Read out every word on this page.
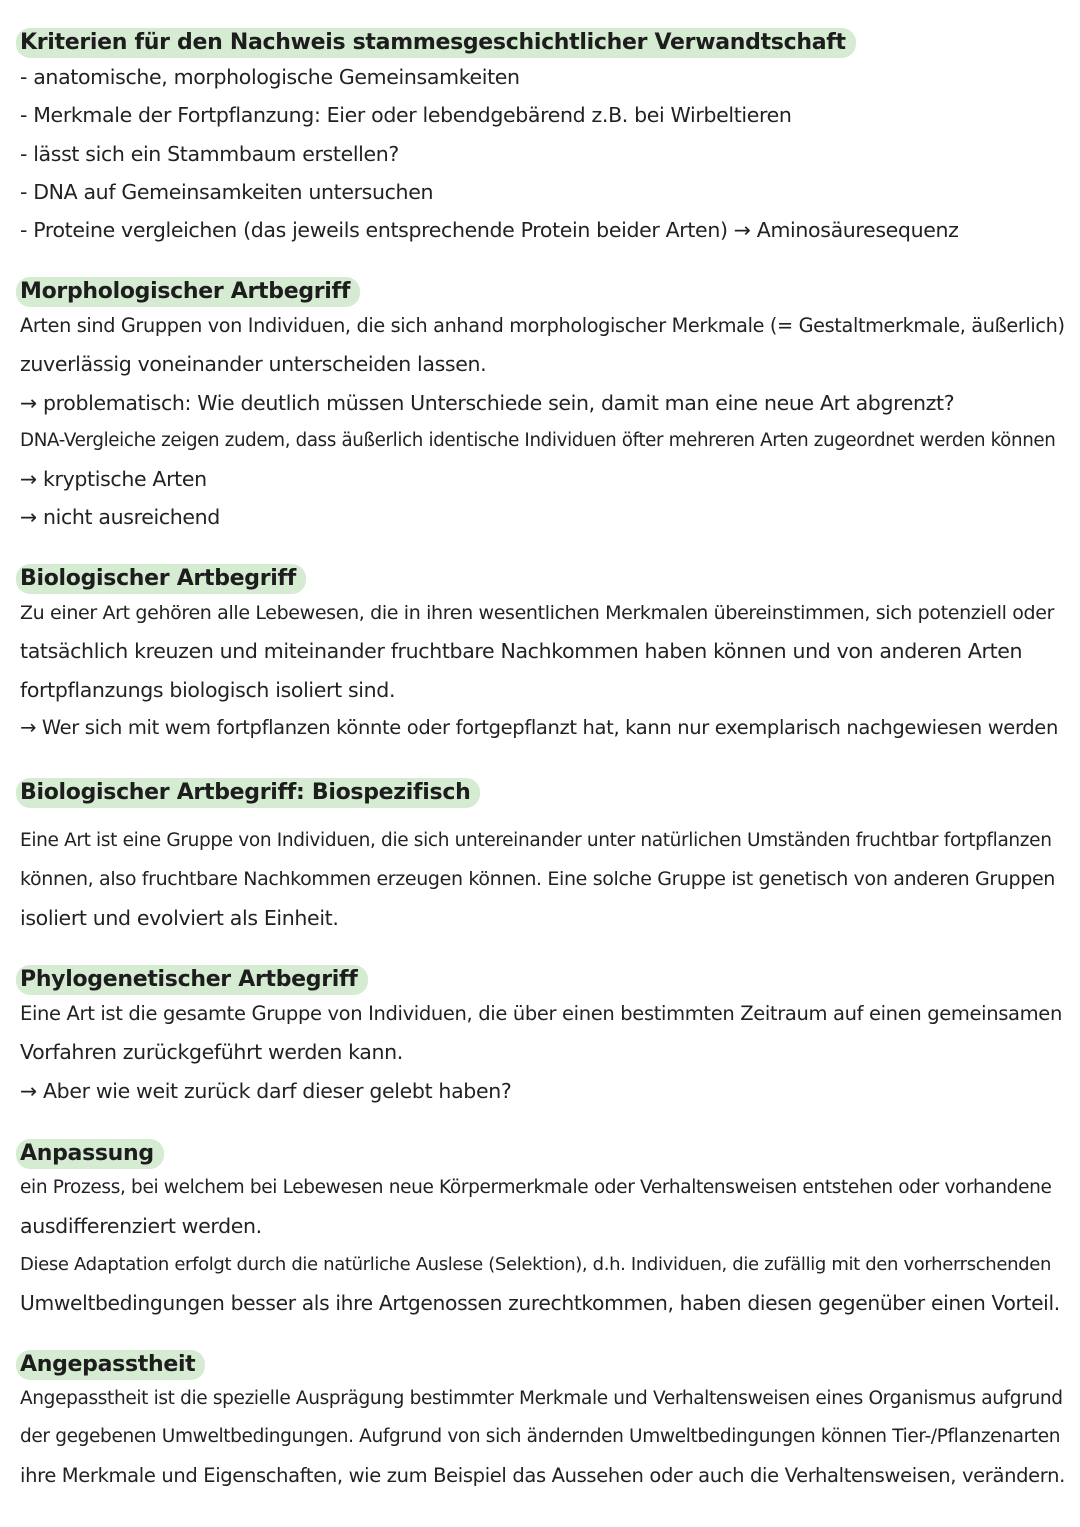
Kriterien für den Nachweis stammesgeschichtlicher Verwandtschaft
- anatomische, morphologische Gemeinsamkeiten
- Merkmale der Fortpflanzung: Eier oder lebendgebärend z.B. bei Wirbeltieren
- lässt sich ein Stammbaum erstellen?
- DNA auf Gemeinsamkeiten untersuchen
- Proteine vergleichen (das jeweils entsprechende Protein beider Arten) → Aminosäuresequenz
Morphologischer Artbegriff
Arten sind Gruppen von Individuen, die sich anhand morphologischer Merkmale (= Gestaltmerkmale, äußerlich)
zuverlässig voneinander unterscheiden lassen.
→ problematisch: Wie deutlich müssen Unterschiede sein, damit man eine neue Art abgrenzt?
DNA-Vergleiche zeigen zudem, dass äußerlich identische Individuen öfter mehreren Arten zugeordnet werden können
→ kryptische Arten
→ nicht ausreichend
Biologischer Artbegriff
Zu einer Art gehören alle Lebewesen, die in ihren wesentlichen Merkmalen übereinstimmen, sich potenziell oder
tatsächlich kreuzen und miteinander fruchtbare Nachkommen haben können und von anderen Arten
fortpflanzungs biologisch isoliert sind.
→ Wer sich mit wem fortpflanzen könnte oder fortgepflanzt hat, kann nur exemplarisch nachgewiesen werden
Biologischer Artbegriff: Biospezifisch
Eine Art ist eine Gruppe von Individuen, die sich untereinander unter natürlichen Umständen fruchtbar fortpflanzen
können, also fruchtbare Nachkommen erzeugen können. Eine solche Gruppe ist genetisch von anderen Gruppen
isoliert und evolviert als Einheit.
Phylogenetischer Artbegriff
Eine Art ist die gesamte Gruppe von Individuen, die über einen bestimmten Zeitraum auf einen gemeinsamen
Vorfahren zurückgeführt werden kann.
→ Aber wie weit zurück darf dieser gelebt haben?
Anpassung
ein Prozess, bei welchem bei Lebewesen neue Körpermerkmale oder Verhaltensweisen entstehen oder vorhandene
ausdifferenziert werden.
Diese Adaptation erfolgt durch die natürliche Auslese (Selektion), d.h. Individuen, die zufällig mit den vorherrschenden
Umweltbedingungen besser als ihre Artgenossen zurechtkommen, haben diesen gegenüber einen Vorteil.
Angepasstheit
Angepasstheit ist die spezielle Ausprägung bestimmter Merkmale und Verhaltensweisen eines Organismus aufgrund
der gegebenen Umweltbedingungen. Aufgrund von sich ändernden Umweltbedingungen können Tier-/Pflanzenarten
ihre Merkmale und Eigenschaften, wie zum Beispiel das Aussehen oder auch die Verhaltensweisen, verändern.
